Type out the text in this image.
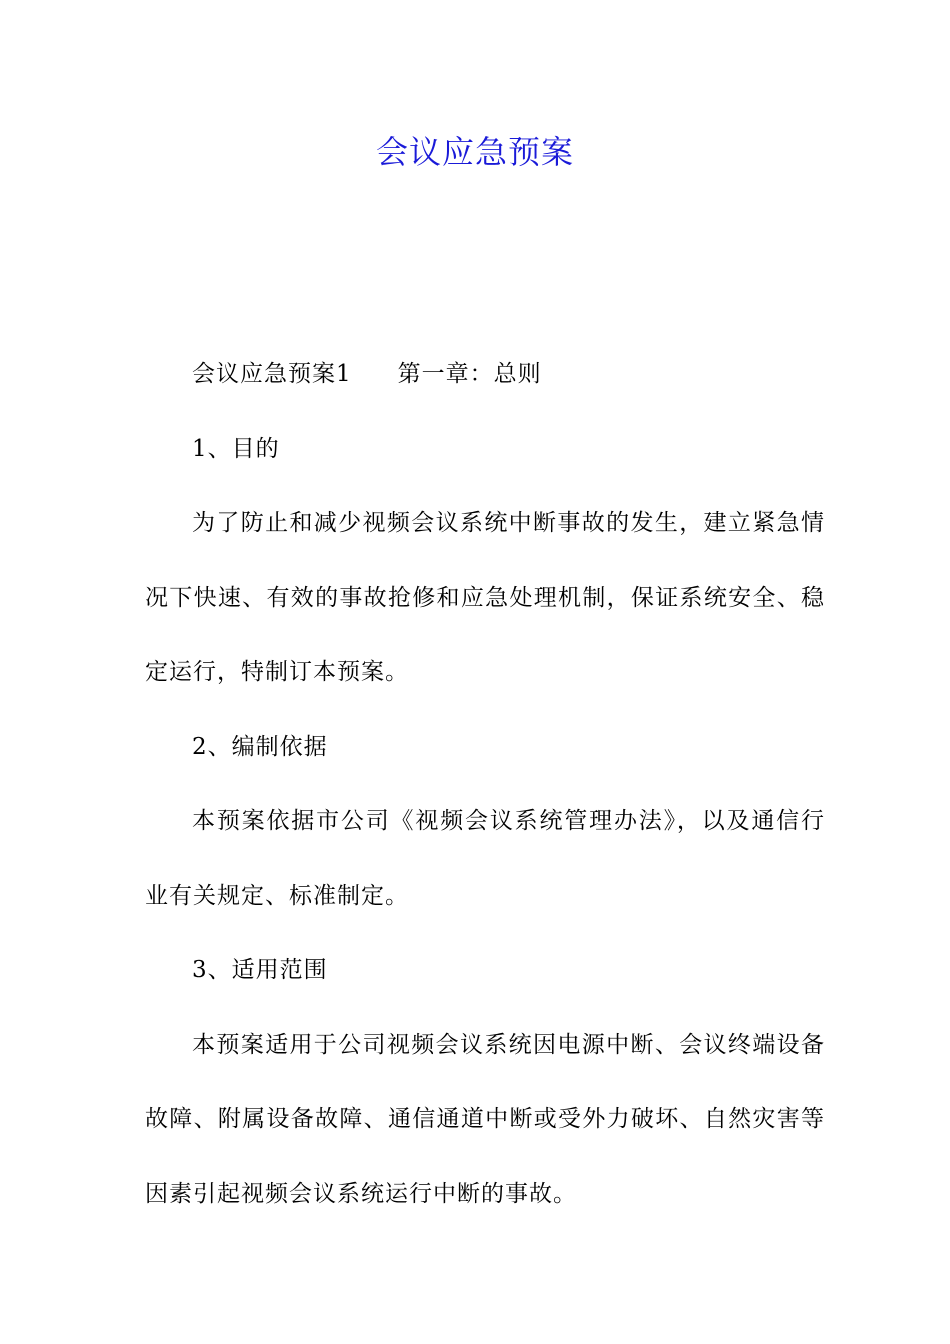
会议应急预案

会议应急预案1 第一章：总则

1、目的

为了防止和减少视频会议系统中断事故的发生，建立紧急情况下快速、有效的事故抢修和应急处理机制，保证系统安全、稳定运行，特制订本预案。

2、编制依据

本预案依据市公司《视频会议系统管理办法》，以及通信行业有关规定、标准制定。

3、适用范围

本预案适用于公司视频会议系统因电源中断、会议终端设备故障、附属设备故障、通信通道中断或受外力破坏、自然灾害等因素引起视频会议系统运行中断的事故。
